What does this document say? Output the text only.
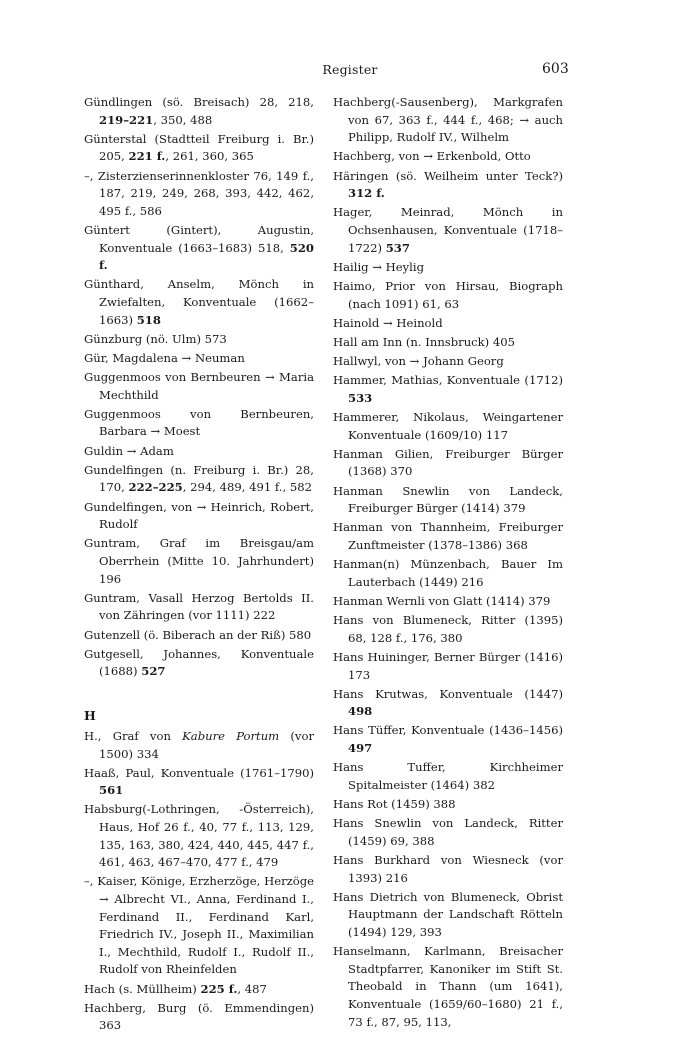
Register	603

Gündlingen (sö. Breisach) 28, 218, 219–221, 350, 488

Günterstal (Stadtteil Freiburg i. Br.) 205, 221 f., 261, 360, 365

–, Zisterzienserinnenkloster 76, 149 f., 187, 219, 249, 268, 393, 442, 462, 495 f., 586

Güntert (Gintert), Augustin, Konventuale (1663–1683) 518, 520 f.

Günthard, Anselm, Mönch in Zwiefalten, Konventuale (1662–1663) 518

Günzburg (nö. Ulm) 573

Gür, Magdalena → Neuman

Guggenmoos von Bernbeuren → Maria Mechthild

Guggenmoos von Bernbeuren, Barbara → Moest

Guldin → Adam

Gundelfingen (n. Freiburg i. Br.) 28, 170, 222–225, 294, 489, 491 f., 582

Gundelfingen, von → Heinrich, Robert, Rudolf

Guntram, Graf im Breisgau/am Oberrhein (Mitte 10. Jahrhundert) 196

Guntram, Vasall Herzog Bertolds II. von Zähringen (vor 1111) 222

Gutenzell (ö. Biberach an der Riß) 580

Gutgesell, Johannes, Konventuale (1688) 527

H

H., Graf von Kabure Portum (vor 1500) 334

Haaß, Paul, Konventuale (1761–1790) 561

Habsburg(-Lothringen, -Österreich), Haus, Hof 26 f., 40, 77 f., 113, 129, 135, 163, 380, 424, 440, 445, 447 f., 461, 463, 467–470, 477 f., 479

–, Kaiser, Könige, Erzherzöge, Herzöge → Albrecht VI., Anna, Ferdinand I., Ferdinand II., Ferdinand Karl, Friedrich IV., Joseph II., Maximilian I., Mechthild, Rudolf I., Rudolf II., Rudolf von Rheinfelden

Hach (s. Müllheim) 225 f., 487

Hachberg, Burg (ö. Emmendingen) 363

Hachberg(-Sausenberg), Markgrafen von 67, 363 f., 444 f., 468; → auch Philipp, Rudolf IV., Wilhelm

Hachberg, von → Erkenbold, Otto

Häringen (sö. Weilheim unter Teck?) 312 f.

Hager, Meinrad, Mönch in Ochsenhausen, Konventuale (1718–1722) 537

Hailig → Heylig

Haimo, Prior von Hirsau, Biograph (nach 1091) 61, 63

Hainold → Heinold

Hall am Inn (n. Innsbruck) 405

Hallwyl, von → Johann Georg

Hammer, Mathias, Konventuale (1712) 533

Hammerer, Nikolaus, Weingartener Konventuale (1609/10) 117

Hanman Gilien, Freiburger Bürger (1368) 370

Hanman Snewlin von Landeck, Freiburger Bürger (1414) 379

Hanman von Thannheim, Freiburger Zunftmeister (1378–1386) 368

Hanman(n) Münzenbach, Bauer Im Lauterbach (1449) 216

Hanman Wernli von Glatt (1414) 379

Hans von Blumeneck, Ritter (1395) 68, 128 f., 176, 380

Hans Huininger, Berner Bürger (1416) 173

Hans Krutwas, Konventuale (1447) 498

Hans Tüffer, Konventuale (1436–1456) 497

Hans Tuffer, Kirchheimer Spitalmeister (1464) 382

Hans Rot (1459) 388

Hans Snewlin von Landeck, Ritter (1459) 69, 388

Hans Burkhard von Wiesneck (vor 1393) 216

Hans Dietrich von Blumeneck, Obrist Hauptmann der Landschaft Rötteln (1494) 129, 393

Hanselmann, Karlmann, Breisacher Stadtpfarrer, Kanoniker im Stift St. Theobald in Thann (um 1641), Konventuale (1659/60–1680) 21 f., 73 f., 87, 95, 113,
